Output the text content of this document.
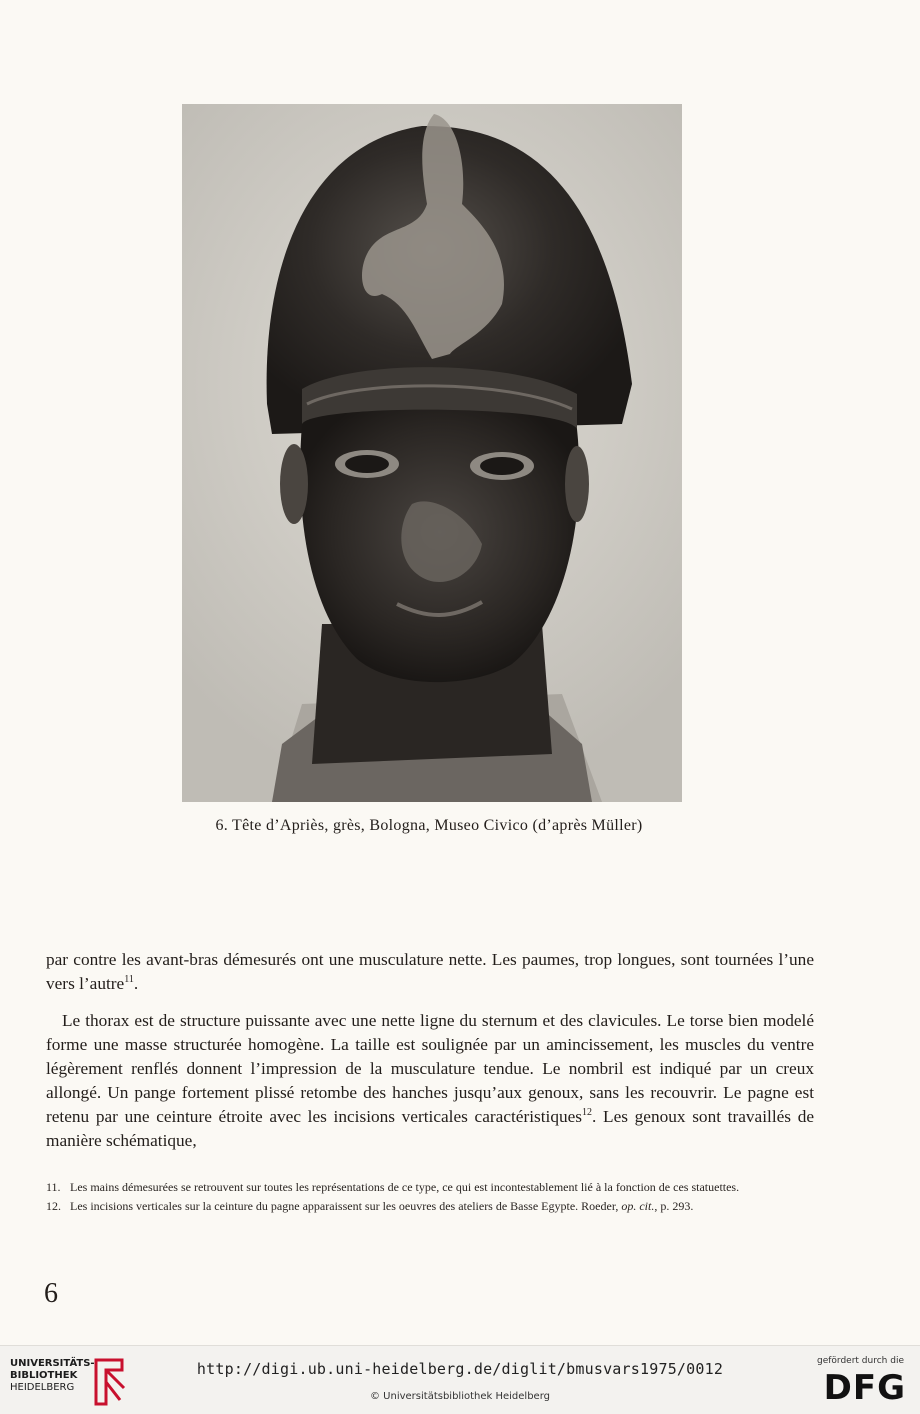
6. Tête d’Apriès, grès, Bologna, Museo Civico (d’après Müller)

par contre les avant-bras démesurés ont une musculature nette. Les paumes, trop longues, sont tournées l’une vers l’autre$^{11}$.

Le thorax est de structure puissante avec une nette ligne du sternum et des clavicules. Le torse bien modelé forme une masse structurée homogène. La taille est soulignée par un amincissement, les muscles du ventre légèrement renflés donnent l’impression de la musculature tendue. Le nombril est indiqué par un creux allongé. Un pange fortement plissé retombe des hanches jusqu’aux genoux, sans les recouvrir. Le pagne est retenu par une ceinture étroite avec les incisions verticales caractéristiques$^{12}$. Les genoux sont travaillés de manière schématique,

11. Les mains démesurées se retrouvent sur toutes les représentations de ce type, ce qui est incontestablement lié à la fonction de ces statuettes.

12. Les incisions verticales sur la ceinture du pagne apparaissent sur les oeuvres des ateliers de Basse Egypte. Roeder, op. cit., p. 293.

6
UNIVERSITÄTS-
BIBLIOTHEK
HEIDELBERG
http://digi.ub.uni-heidelberg.de/diglit/bmusvars1975/0012
© Universitätsbibliothek Heidelberg
gefördert durch die
DFG
